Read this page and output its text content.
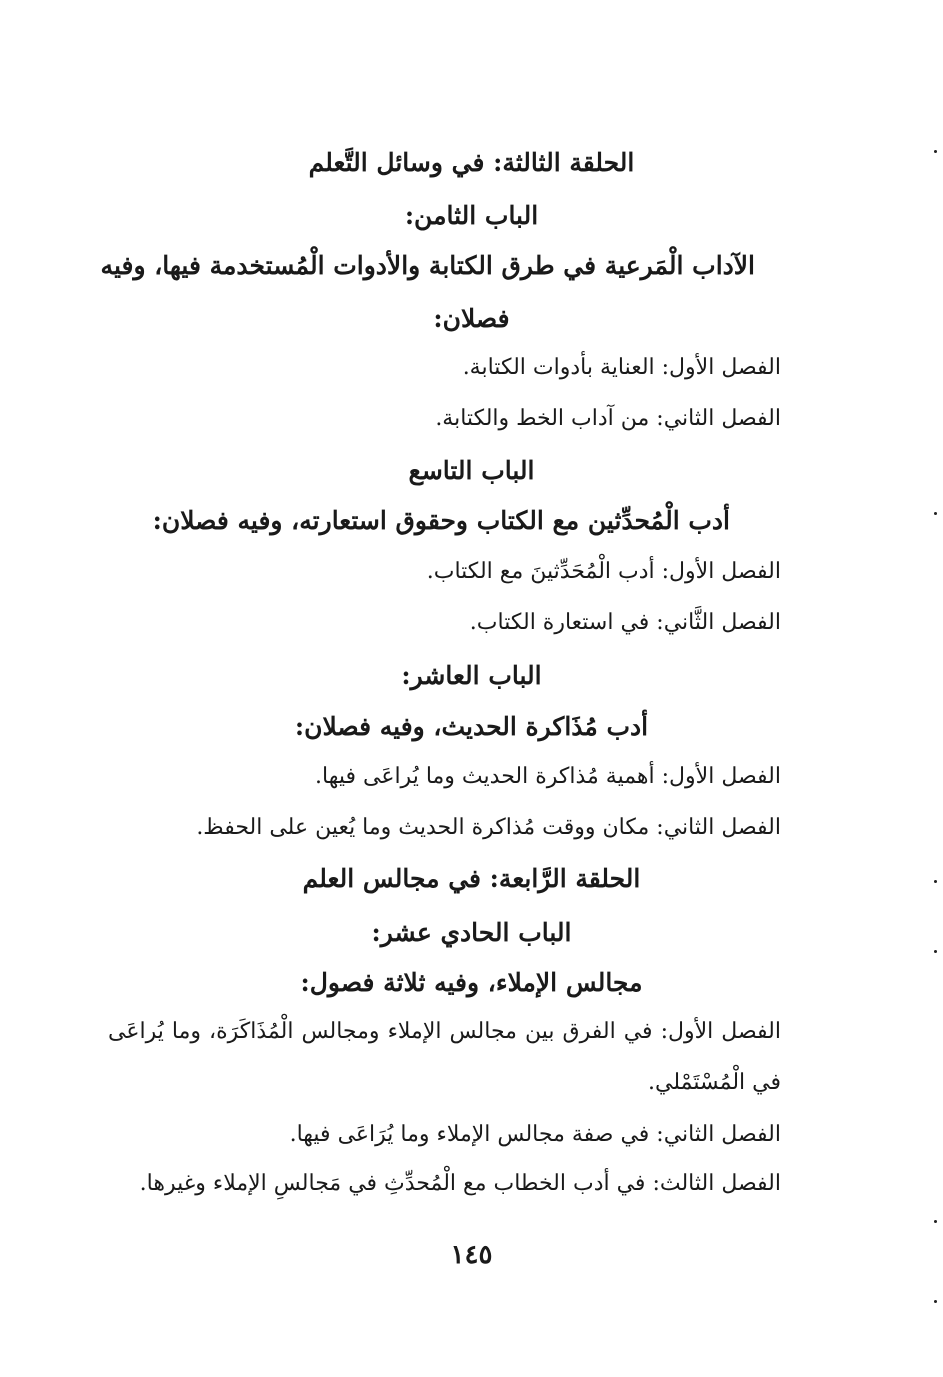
الحلقة الثالثة: في وسائل التَّعلم

الباب الثامن:

الآداب الْمَرعية في طرق الكتابة والأدوات الْمُستخدمة فيها، وفيه

فصلان:

الفصل الأول: العناية بأدوات الكتابة.

الفصل الثاني: من آداب الخط والكتابة.

الباب التاسع

أدب الْمُحدِّثين مع الكتاب وحقوق استعارته، وفيه فصلان:

الفصل الأول: أدب الْمُحَدِّثينَ مع الكتاب.

الفصل الثَّاني: في استعارة الكتاب.

الباب العاشر:

أدب مُذَاكرة الحديث، وفيه فصلان:

الفصل الأول: أهمية مُذاكرة الحديث وما يُراعَى فيها.

الفصل الثاني: مكان ووقت مُذاكرة الحديث وما يُعين على الحفظ.

الحلقة الرَّابعة: في مجالس العلم

الباب الحادي عشر:

مجالس الإملاء، وفيه ثلاثة فصول:

الفصل الأول: في الفرق بين مجالس الإملاء ومجالس الْمُذَاكَرَة، وما يُراعَى

في الْمُسْتَمْلي.

الفصل الثاني: في صفة مجالس الإملاء وما يُرَاعَى فيها.

الفصل الثالث: في أدب الخطاب مع الْمُحدِّثِ في مَجالسِ الإملاء وغيرها.

١٤٥
